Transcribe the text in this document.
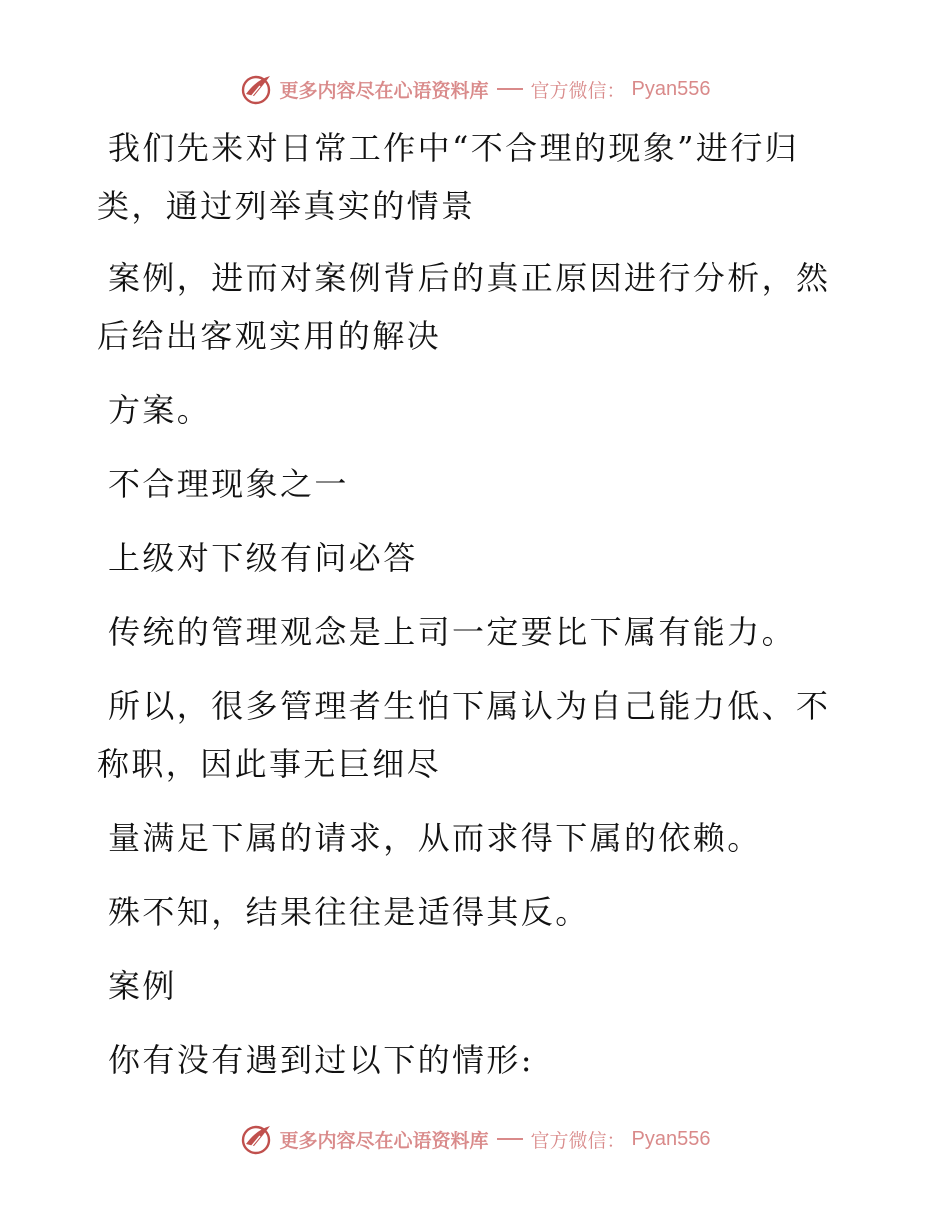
更多内容尽在心语资料库 官方微信： Pyan556
我们先来对日常工作中“不合理的现象”进行归
类，通过列举真实的情景
案例，进而对案例背后的真正原因进行分析，然
后给出客观实用的解决
方案。
不合理现象之一
上级对下级有问必答
传统的管理观念是上司一定要比下属有能力。
所以，很多管理者生怕下属认为自己能力低、不
称职，因此事无巨细尽
量满足下属的请求，从而求得下属的依赖。
殊不知，结果往往是适得其反。
案例
你有没有遇到过以下的情形:
更多内容尽在心语资料库 官方微信： Pyan556
